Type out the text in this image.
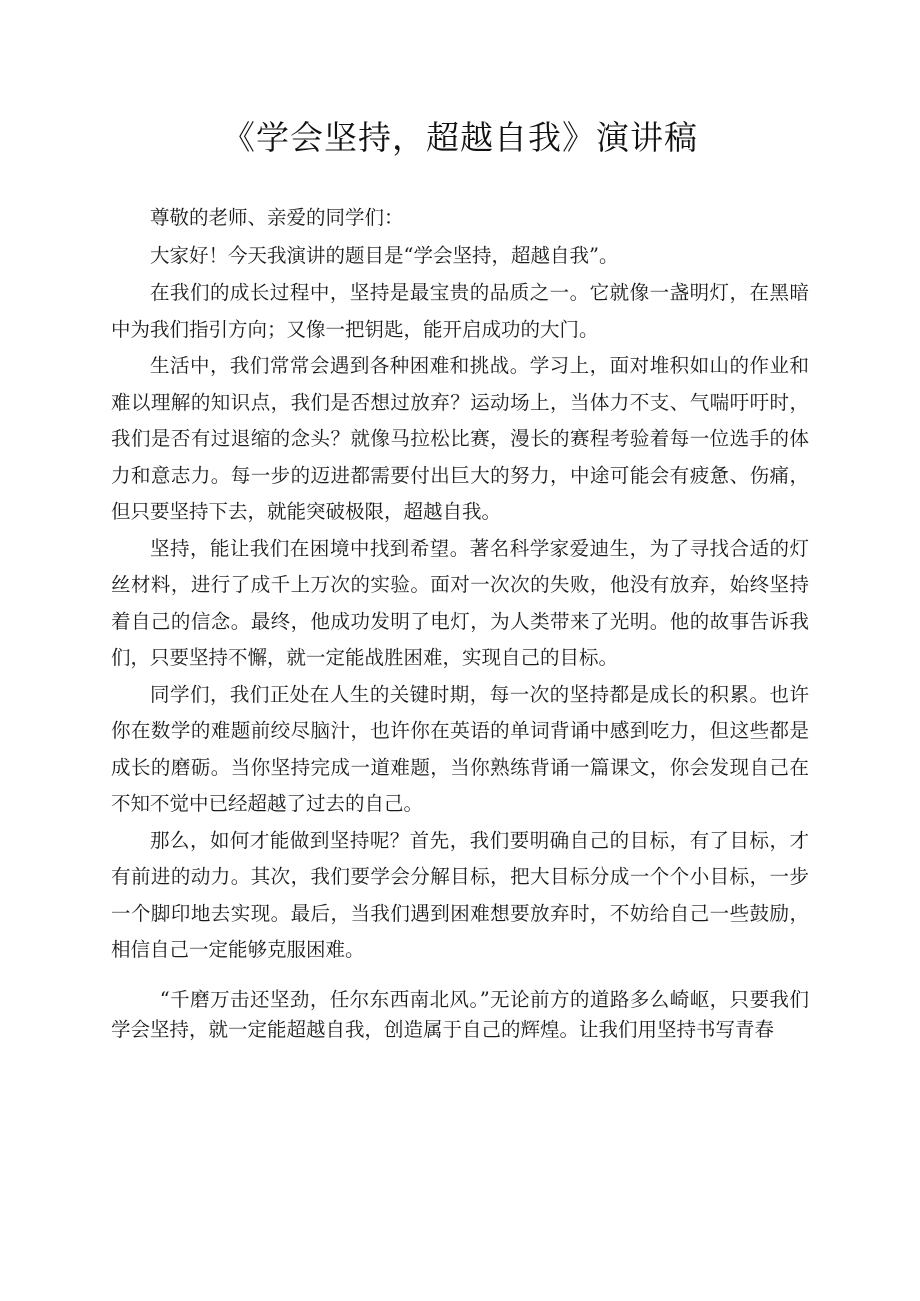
《学会坚持，超越自我》演讲稿

尊敬的老师、亲爱的同学们：

大家好！今天我演讲的题目是“学会坚持，超越自我”。

在我们的成长过程中，坚持是最宝贵的品质之一。它就像一盏明灯，在黑暗中为我们指引方向；又像一把钥匙，能开启成功的大门。

生活中，我们常常会遇到各种困难和挑战。学习上，面对堆积如山的作业和难以理解的知识点，我们是否想过放弃？运动场上，当体力不支、气喘吁吁时，我们是否有过退缩的念头？就像马拉松比赛，漫长的赛程考验着每一位选手的体力和意志力。每一步的迈进都需要付出巨大的努力，中途可能会有疲惫、伤痛，但只要坚持下去，就能突破极限，超越自我。

坚持，能让我们在困境中找到希望。著名科学家爱迪生，为了寻找合适的灯丝材料，进行了成千上万次的实验。面对一次次的失败，他没有放弃，始终坚持着自己的信念。最终，他成功发明了电灯，为人类带来了光明。他的故事告诉我们，只要坚持不懈，就一定能战胜困难，实现自己的目标。

同学们，我们正处在人生的关键时期，每一次的坚持都是成长的积累。也许你在数学的难题前绞尽脑汁，也许你在英语的单词背诵中感到吃力，但这些都是成长的磨砺。当你坚持完成一道难题，当你熟练背诵一篇课文，你会发现自己在不知不觉中已经超越了过去的自己。

那么，如何才能做到坚持呢？首先，我们要明确自己的目标，有了目标，才有前进的动力。其次，我们要学会分解目标，把大目标分成一个个小目标，一步一个脚印地去实现。最后，当我们遇到困难想要放弃时，不妨给自己一些鼓励，相信自己一定能够克服困难。

“千磨万击还坚劲，任尔东西南北风。”无论前方的道路多么崎岖，只要我们学会坚持，就一定能超越自我，创造属于自己的辉煌。让我们用坚持书写青春
